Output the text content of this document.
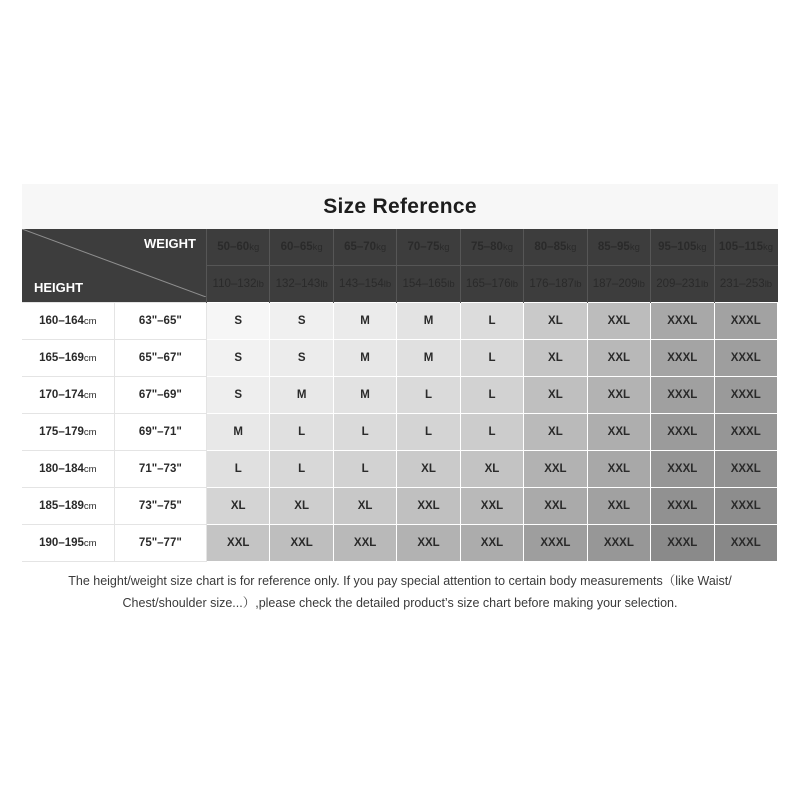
Size Reference
WEIGHT
HEIGHT		50–60kg	60–65kg	65–70kg	70–75kg	75–80kg	80–85kg	85–95kg	95–105kg	105–115kg
		110–132lb	132–143lb	143–154lb	154–165lb	165–176lb	176–187lb	187–209lb	209–231lb	231–253lb
160–164cm	63"–65"	S	S	M	M	L	XL	XXL	XXXL	XXXL
165–169cm	65"–67"	S	S	M	M	L	XL	XXL	XXXL	XXXL
170–174cm	67"–69"	S	M	M	L	L	XL	XXL	XXXL	XXXL
175–179cm	69"–71"	M	L	L	L	L	XL	XXL	XXXL	XXXL
180–184cm	71"–73"	L	L	L	XL	XL	XXL	XXL	XXXL	XXXL
185–189cm	73"–75"	XL	XL	XL	XXL	XXL	XXL	XXL	XXXL	XXXL
190–195cm	75"–77"	XXL	XXL	XXL	XXL	XXL	XXXL	XXXL	XXXL	XXXL
The height/weight size chart is for reference only. If you pay special attention to certain body measurements（like Waist/
Chest/shoulder size...）,please check the detailed product’s size chart before making your selection.
